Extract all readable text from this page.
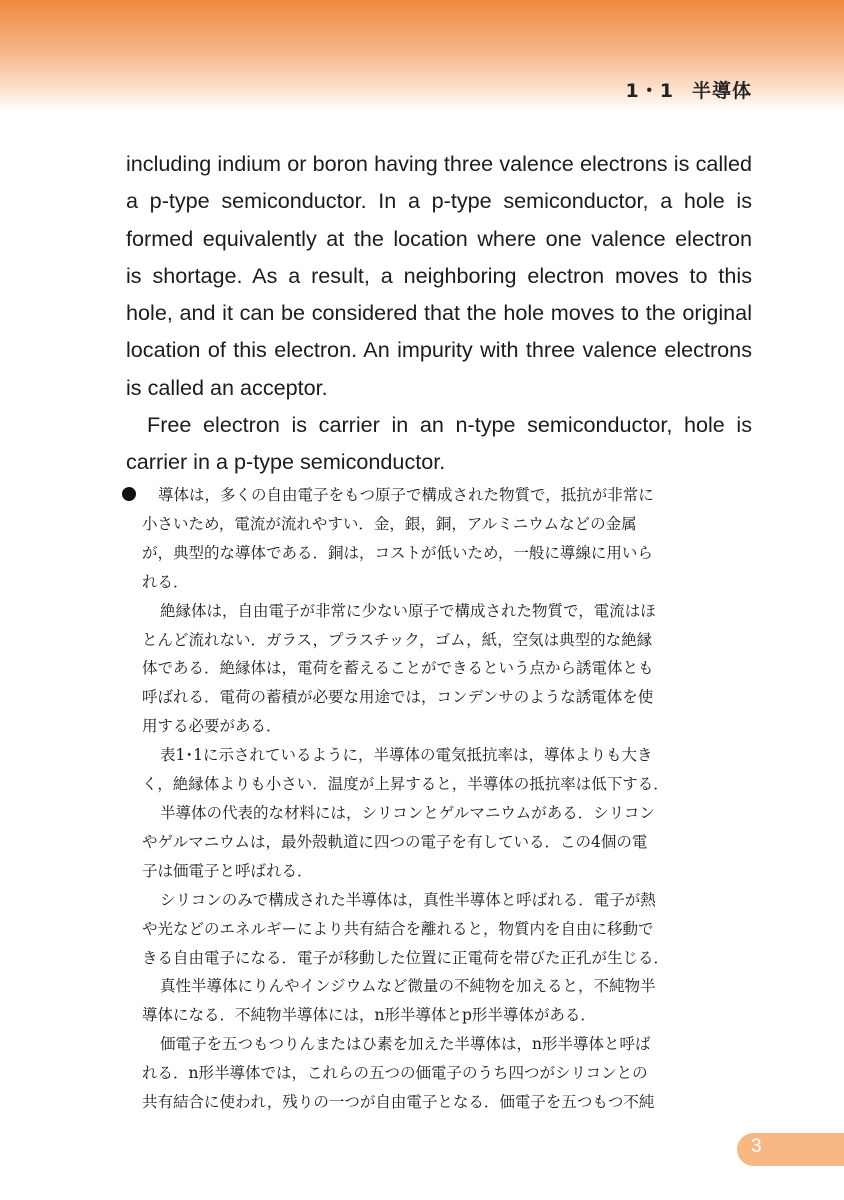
1・1 半導体
including indium or boron having three valence electrons is called
a p-type semiconductor. In a p-type semiconductor, a hole is
formed equivalently at the location where one valence electron
is shortage. As a result, a neighboring electron moves to this
hole, and it can be considered that the hole moves to the original
location of this electron. An impurity with three valence electrons
is called an acceptor.
Free electron is carrier in an n-type semiconductor, hole is
carrier in a p-type semiconductor.
導体は，多くの自由電子をもつ原子で構成された物質で，抵抗が非常に
小さいため，電流が流れやすい．金，銀，銅，アルミニウムなどの金属
が，典型的な導体である．銅は，コストが低いため，一般に導線に用いら
れる．
絶縁体は，自由電子が非常に少ない原子で構成された物質で，電流はほ
とんど流れない．ガラス，プラスチック，ゴム，紙，空気は典型的な絶縁
体である．絶縁体は，電荷を蓄えることができるという点から誘電体とも
呼ばれる．電荷の蓄積が必要な用途では，コンデンサのような誘電体を使
用する必要がある．
表1･1に示されているように，半導体の電気抵抗率は，導体よりも大き
く，絶縁体よりも小さい．温度が上昇すると，半導体の抵抗率は低下する．
半導体の代表的な材料には，シリコンとゲルマニウムがある．シリコン
やゲルマニウムは，最外殻軌道に四つの電子を有している．この4個の電
子は価電子と呼ばれる．
シリコンのみで構成された半導体は，真性半導体と呼ばれる．電子が熱
や光などのエネルギーにより共有結合を離れると，物質内を自由に移動で
きる自由電子になる．電子が移動した位置に正電荷を帯びた正孔が生じる．
真性半導体にりんやインジウムなど微量の不純物を加えると，不純物半
導体になる．不純物半導体には，n形半導体とp形半導体がある．
価電子を五つもつりんまたはひ素を加えた半導体は，n形半導体と呼ば
れる．n形半導体では，これらの五つの価電子のうち四つがシリコンとの
共有結合に使われ，残りの一つが自由電子となる．価電子を五つもつ不純
3
